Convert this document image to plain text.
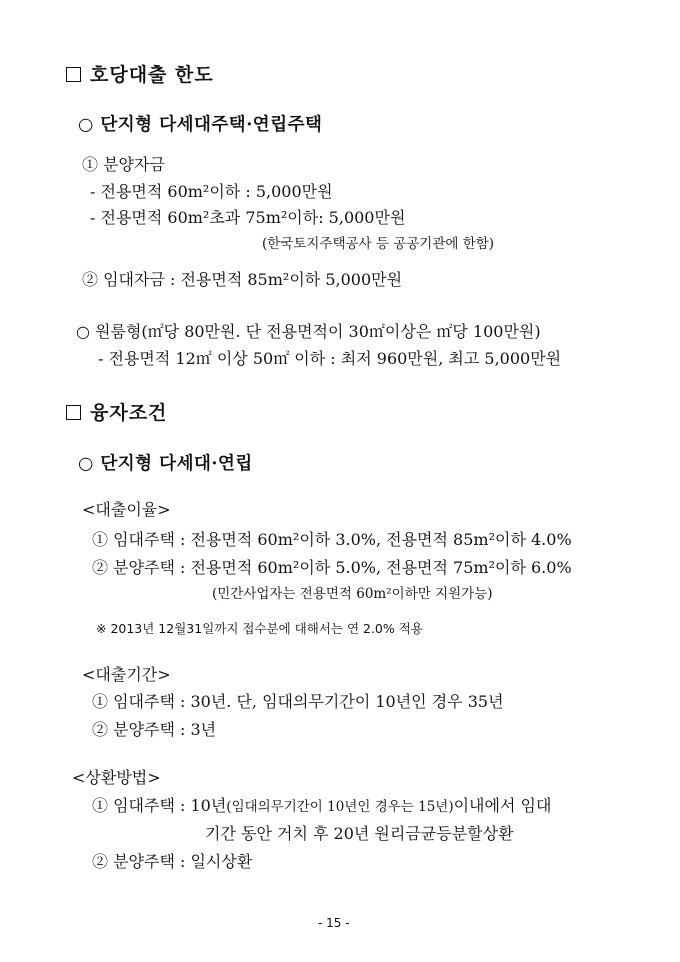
호당대출 한도
○ 단지형 다세대주택·연립주택
① 분양자금
- 전용면적 60m²이하 : 5,000만원
- 전용면적 60m²초과 75m²이하: 5,000만원
(한국토지주택공사 등 공공기관에 한함)
② 임대자금 : 전용면적 85m²이하 5,000만원
○ 원룸형(㎡당 80만원. 단 전용면적이 30㎡이상은 ㎡당 100만원)
- 전용면적 12㎡ 이상 50㎡ 이하 : 최저 960만원, 최고 5,000만원
융자조건
○ 단지형 다세대·연립
<대출이율>
① 임대주택 : 전용면적 60m²이하 3.0%, 전용면적 85m²이하 4.0%
② 분양주택 : 전용면적 60m²이하 5.0%, 전용면적 75m²이하 6.0%
(민간사업자는 전용면적 60m²이하만 지원가능)
※ 2013년 12월31일까지 접수분에 대해서는 연 2.0% 적용
<대출기간>
① 임대주택 : 30년. 단, 임대의무기간이 10년인 경우 35년
② 분양주택 : 3년
<상환방법>
① 임대주택 : 10년(임대의무기간이 10년인 경우는 15년)이내에서 임대
기간 동안 거치 후 20년 원리금균등분할상환
② 분양주택 : 일시상환
- 15 -
